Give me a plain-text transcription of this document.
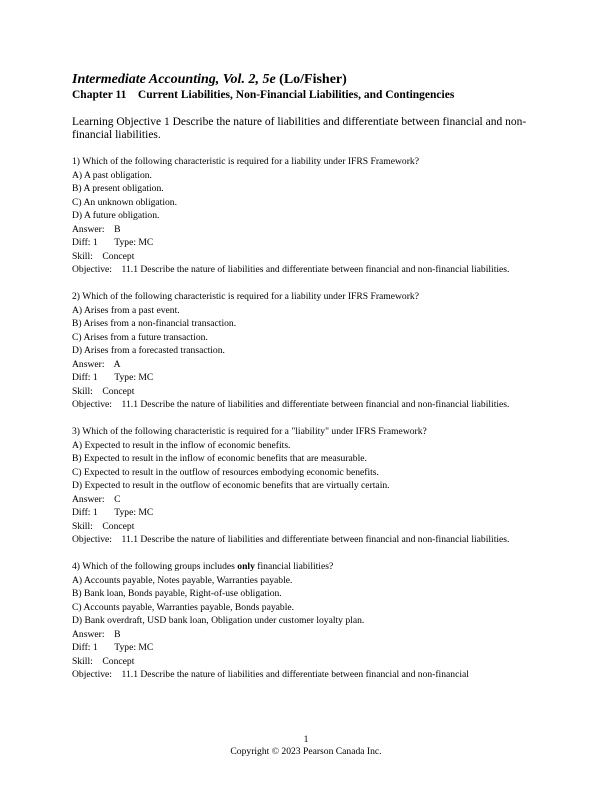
Intermediate Accounting, Vol. 2, 5e (Lo/Fisher)
Chapter 11    Current Liabilities, Non-Financial Liabilities, and Contingencies
Learning Objective 1 Describe the nature of liabilities and differentiate between financial and non-financial liabilities.
1) Which of the following characteristic is required for a liability under IFRS Framework?
A) A past obligation.
B) A present obligation.
C) An unknown obligation.
D) A future obligation.
Answer:    B
Diff: 1       Type: MC
Skill:    Concept
Objective:    11.1 Describe the nature of liabilities and differentiate between financial and non-financial liabilities.
2) Which of the following characteristic is required for a liability under IFRS Framework?
A) Arises from a past event.
B) Arises from a non-financial transaction.
C) Arises from a future transaction.
D) Arises from a forecasted transaction.
Answer:    A
Diff: 1       Type: MC
Skill:    Concept
Objective:    11.1 Describe the nature of liabilities and differentiate between financial and non-financial liabilities.
3) Which of the following characteristic is required for a "liability" under IFRS Framework?
A) Expected to result in the inflow of economic benefits.
B) Expected to result in the inflow of economic benefits that are measurable.
C) Expected to result in the outflow of resources embodying economic benefits.
D) Expected to result in the outflow of economic benefits that are virtually certain.
Answer:    C
Diff: 1       Type: MC
Skill:    Concept
Objective:    11.1 Describe the nature of liabilities and differentiate between financial and non-financial liabilities.
4) Which of the following groups includes only financial liabilities?
A) Accounts payable, Notes payable, Warranties payable.
B) Bank loan, Bonds payable, Right-of-use obligation.
C) Accounts payable, Warranties payable, Bonds payable.
D) Bank overdraft, USD bank loan, Obligation under customer loyalty plan.
Answer:    B
Diff: 1       Type: MC
Skill:    Concept
Objective:    11.1 Describe the nature of liabilities and differentiate between financial and non-financial
1
Copyright © 2023 Pearson Canada Inc.
